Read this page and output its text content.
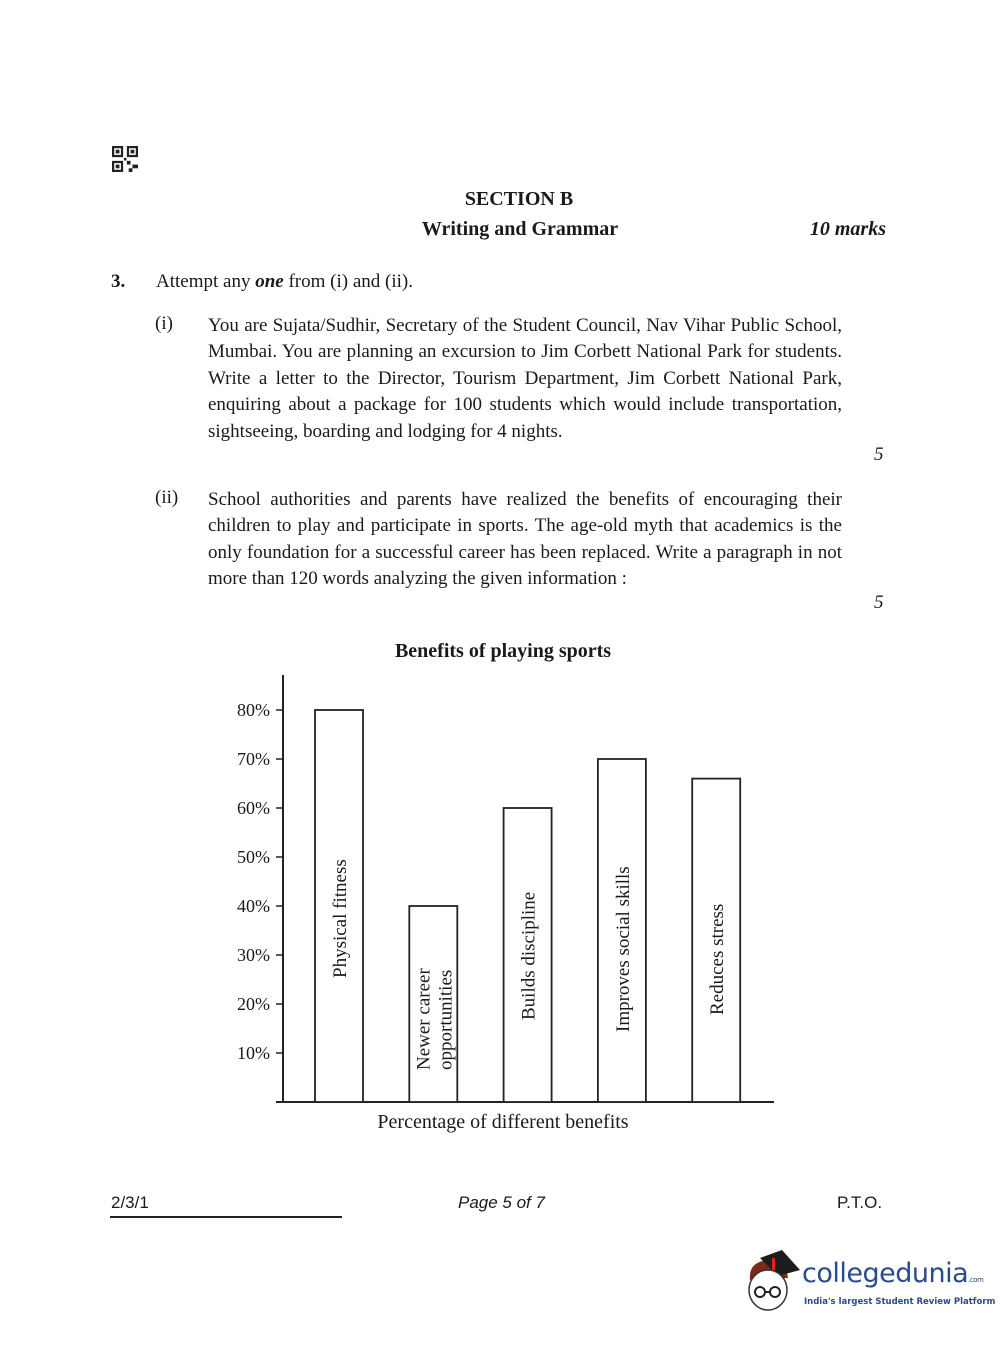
SECTION B
Writing and Grammar	10 marks
3. Attempt any one from (i) and (ii).
(i) You are Sujata/Sudhir, Secretary of the Student Council, Nav Vihar Public School, Mumbai. You are planning an excursion to Jim Corbett National Park for students. Write a letter to the Director, Tourism Department, Jim Corbett National Park, enquiring about a package for 100 students which would include transportation, sightseeing, boarding and lodging for 4 nights.
5
(ii) School authorities and parents have realized the benefits of encouraging their children to play and participate in sports. The age-old myth that academics is the only foundation for a successful career has been replaced. Write a paragraph in not more than 120 words analyzing the given information :
5
Benefits of playing sports
10%
20%
30%
40%
50%
60%
70%
80%
Physical fitness
Newer career opportunities	Builds discipline	Improves social skills	Reduces stress
Percentage of different benefits
2/3/1	Page 5 of 7	P.T.O.
collegedunia.com
India's largest Student Review Platform
